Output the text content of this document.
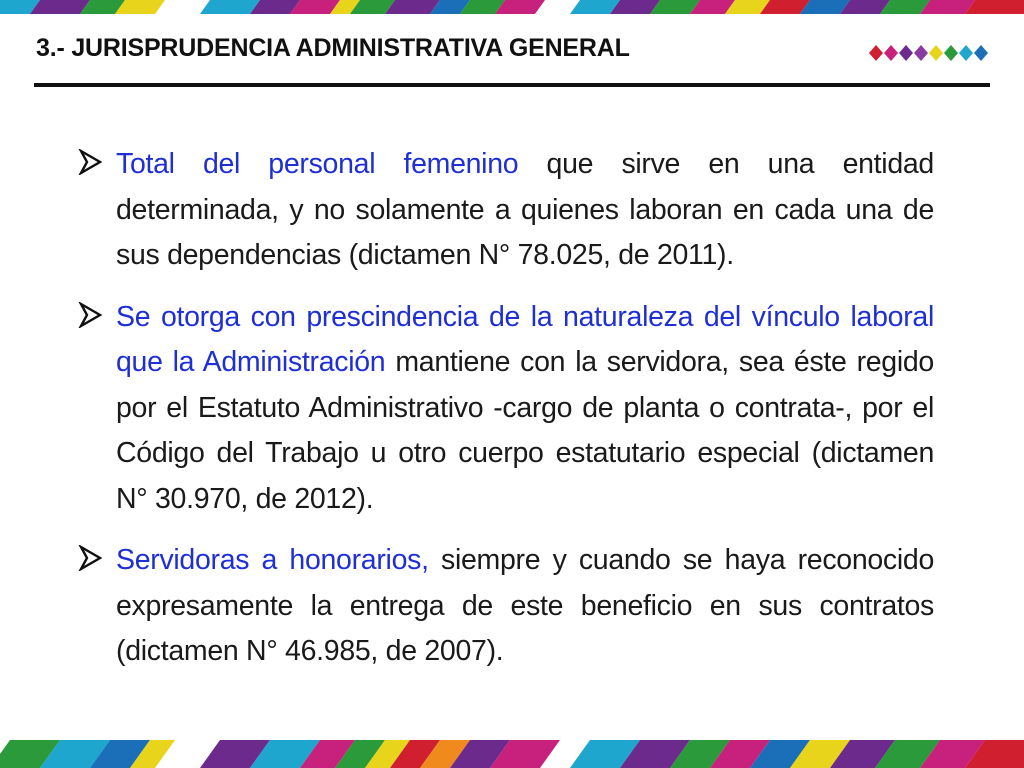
3.- JURISPRUDENCIA ADMINISTRATIVA GENERAL
Total del personal femenino que sirve en una entidad determinada, y no solamente a quienes laboran en cada una de sus dependencias (dictamen N° 78.025, de 2011).
Se otorga con prescindencia de la naturaleza del vínculo laboral que la Administración mantiene con la servidora, sea éste regido por el Estatuto Administrativo -cargo de planta o contrata-, por el Código del Trabajo u otro cuerpo estatutario especial (dictamen N° 30.970, de 2012).
Servidoras a honorarios, siempre y cuando se haya reconocido expresamente la entrega de este beneficio en sus contratos (dictamen N° 46.985, de 2007).
